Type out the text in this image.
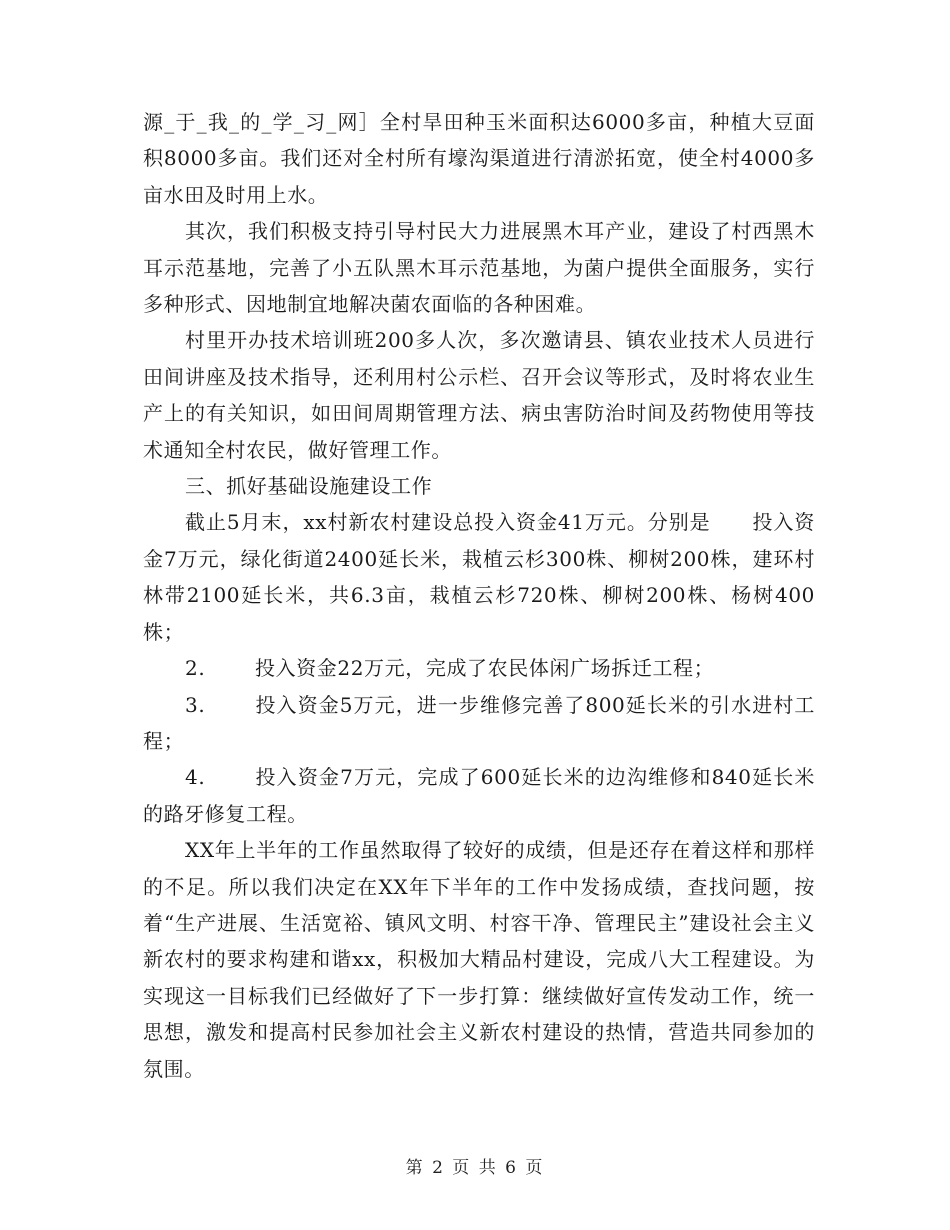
源_于_我_的_学_习_网］全村旱田种玉米面积达6000多亩，种植大豆面积8000多亩。我们还对全村所有壕沟渠道进行清淤拓宽，使全村4000多亩水田及时用上水。

其次，我们积极支持引导村民大力进展黑木耳产业，建设了村西黑木耳示范基地，完善了小五队黑木耳示范基地，为菌户提供全面服务，实行多种形式、因地制宜地解决菌农面临的各种困难。

村里开办技术培训班200多人次，多次邀请县、镇农业技术人员进行田间讲座及技术指导，还利用村公示栏、召开会议等形式，及时将农业生产上的有关知识，如田间周期管理方法、病虫害防治时间及药物使用等技术通知全村农民，做好管理工作。

三、抓好基础设施建设工作

截止5月末，xx村新农村建设总投入资金41万元。分别是　　投入资金7万元，绿化街道2400延长米，栽植云杉300株、柳树200株，建环村林带2100延长米，共6.3亩，栽植云杉720株、柳树200株、杨树400株；

2. 投入资金22万元，完成了农民体闲广场拆迁工程；

3. 投入资金5万元，进一步维修完善了800延长米的引水进村工程；

4. 投入资金7万元，完成了600延长米的边沟维修和840延长米的路牙修复工程。

XX年上半年的工作虽然取得了较好的成绩，但是还存在着这样和那样的不足。所以我们决定在XX年下半年的工作中发扬成绩，查找问题，按着“生产进展、生活宽裕、镇风文明、村容干净、管理民主”建设社会主义新农村的要求构建和谐xx，积极加大精品村建设，完成八大工程建设。为实现这一目标我们已经做好了下一步打算：继续做好宣传发动工作，统一思想，激发和提高村民参加社会主义新农村建设的热情，营造共同参加的氛围。

第 2 页 共 6 页
